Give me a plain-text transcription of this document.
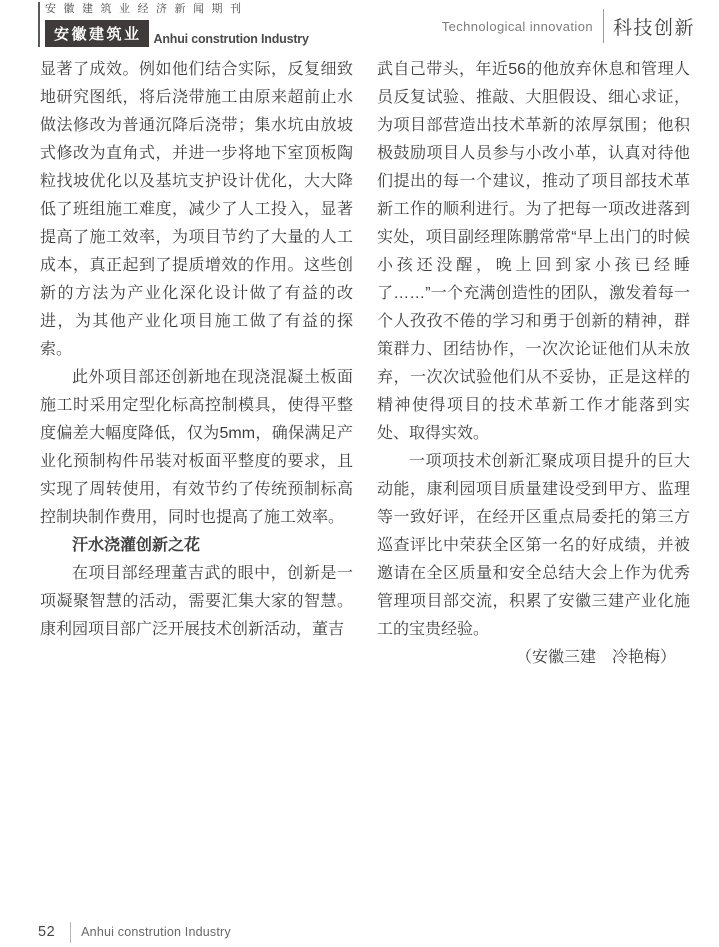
安徽建筑业经济新闻期刊
安徽建筑业 Anhui constrution Industry
Technological innovation 科技创新

显著了成效。例如他们结合实际，反复细致地研究图纸，将后浇带施工由原来超前止水做法修改为普通沉降后浇带；集水坑由放坡式修改为直角式，并进一步将地下室顶板陶粒找坡优化以及基坑支护设计优化，大大降低了班组施工难度，减少了人工投入，显著提高了施工效率，为项目节约了大量的人工成本，真正起到了提质增效的作用。这些创新的方法为产业化深化设计做了有益的改进，为其他产业化项目施工做了有益的探索。

此外项目部还创新地在现浇混凝土板面施工时采用定型化标高控制模具，使得平整度偏差大幅度降低，仅为5mm，确保满足产业化预制构件吊装对板面平整度的要求，且实现了周转使用，有效节约了传统预制标高控制块制作费用，同时也提高了施工效率。

汗水浇灌创新之花

在项目部经理董吉武的眼中，创新是一项凝聚智慧的活动，需要汇集大家的智慧。康利园项目部广泛开展技术创新活动，董吉

武自己带头，年近56的他放弃休息和管理人员反复试验、推敲、大胆假设、细心求证，为项目部营造出技术革新的浓厚氛围；他积极鼓励项目人员参与小改小革，认真对待他们提出的每一个建议，推动了项目部技术革新工作的顺利进行。为了把每一项改进落到实处，项目副经理陈鹏常常“早上出门的时候小孩还没醒，晚上回到家小孩已经睡了……”一个充满创造性的团队，激发着每一个人孜孜不倦的学习和勇于创新的精神，群策群力、团结协作，一次次论证他们从未放弃，一次次试验他们从不妥协，正是这样的精神使得项目的技术革新工作才能落到实处、取得实效。

一项项技术创新汇聚成项目提升的巨大动能，康利园项目质量建设受到甲方、监理等一致好评，在经开区重点局委托的第三方巡查评比中荣获全区第一名的好成绩，并被邀请在全区质量和安全总结大会上作为优秀管理项目部交流，积累了安徽三建产业化施工的宝贵经验。

（安徽三建　冷艳梅）

52 Anhui constrution Industry
